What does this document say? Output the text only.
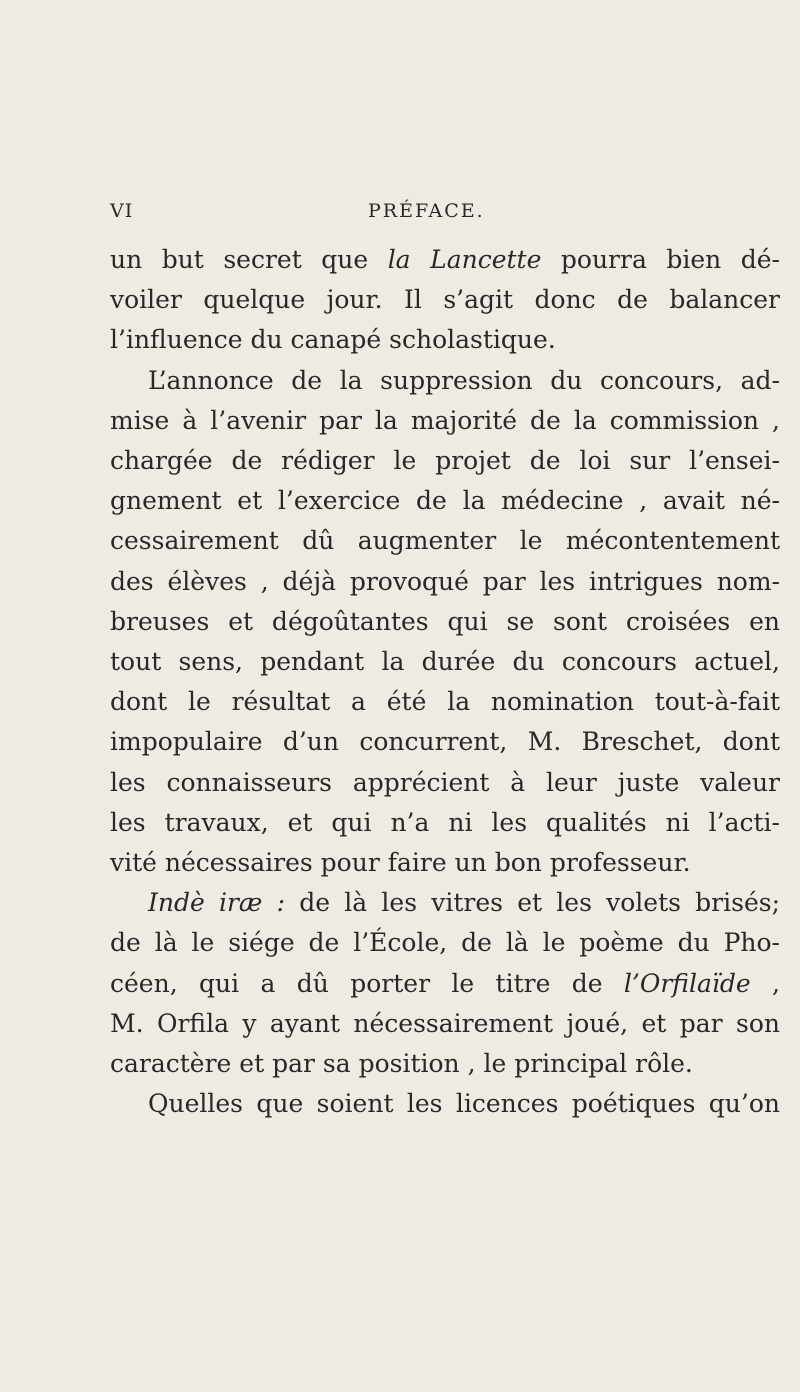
VI	PRÉFACE.
un but secret que la Lancette pourra bien dé-
voiler quelque jour. Il s’agit donc de balancer
l’influence du canapé scholastique.
L’annonce de la suppression du concours, ad-
mise à l’avenir par la majorité de la commission ,
chargée de rédiger le projet de loi sur l’ensei-
gnement et l’exercice de la médecine , avait né-
cessairement dû augmenter le mécontentement
des élèves , déjà provoqué par les intrigues nom-
breuses et dégoûtantes qui se sont croisées en
tout sens, pendant la durée du concours actuel,
dont le résultat a été la nomination tout-à-fait
impopulaire d’un concurrent, M. Breschet, dont
les connaisseurs apprécient à leur juste valeur
les travaux, et qui n’a ni les qualités ni l’acti-
vité nécessaires pour faire un bon professeur.
Indè iræ : de là les vitres et les volets brisés;
de là le siége de l’École, de là le poème du Pho-
céen, qui a dû porter le titre de l’Orfilaïde ,
M. Orfila y ayant nécessairement joué, et par son
caractère et par sa position , le principal rôle.
Quelles que soient les licences poétiques qu’on
